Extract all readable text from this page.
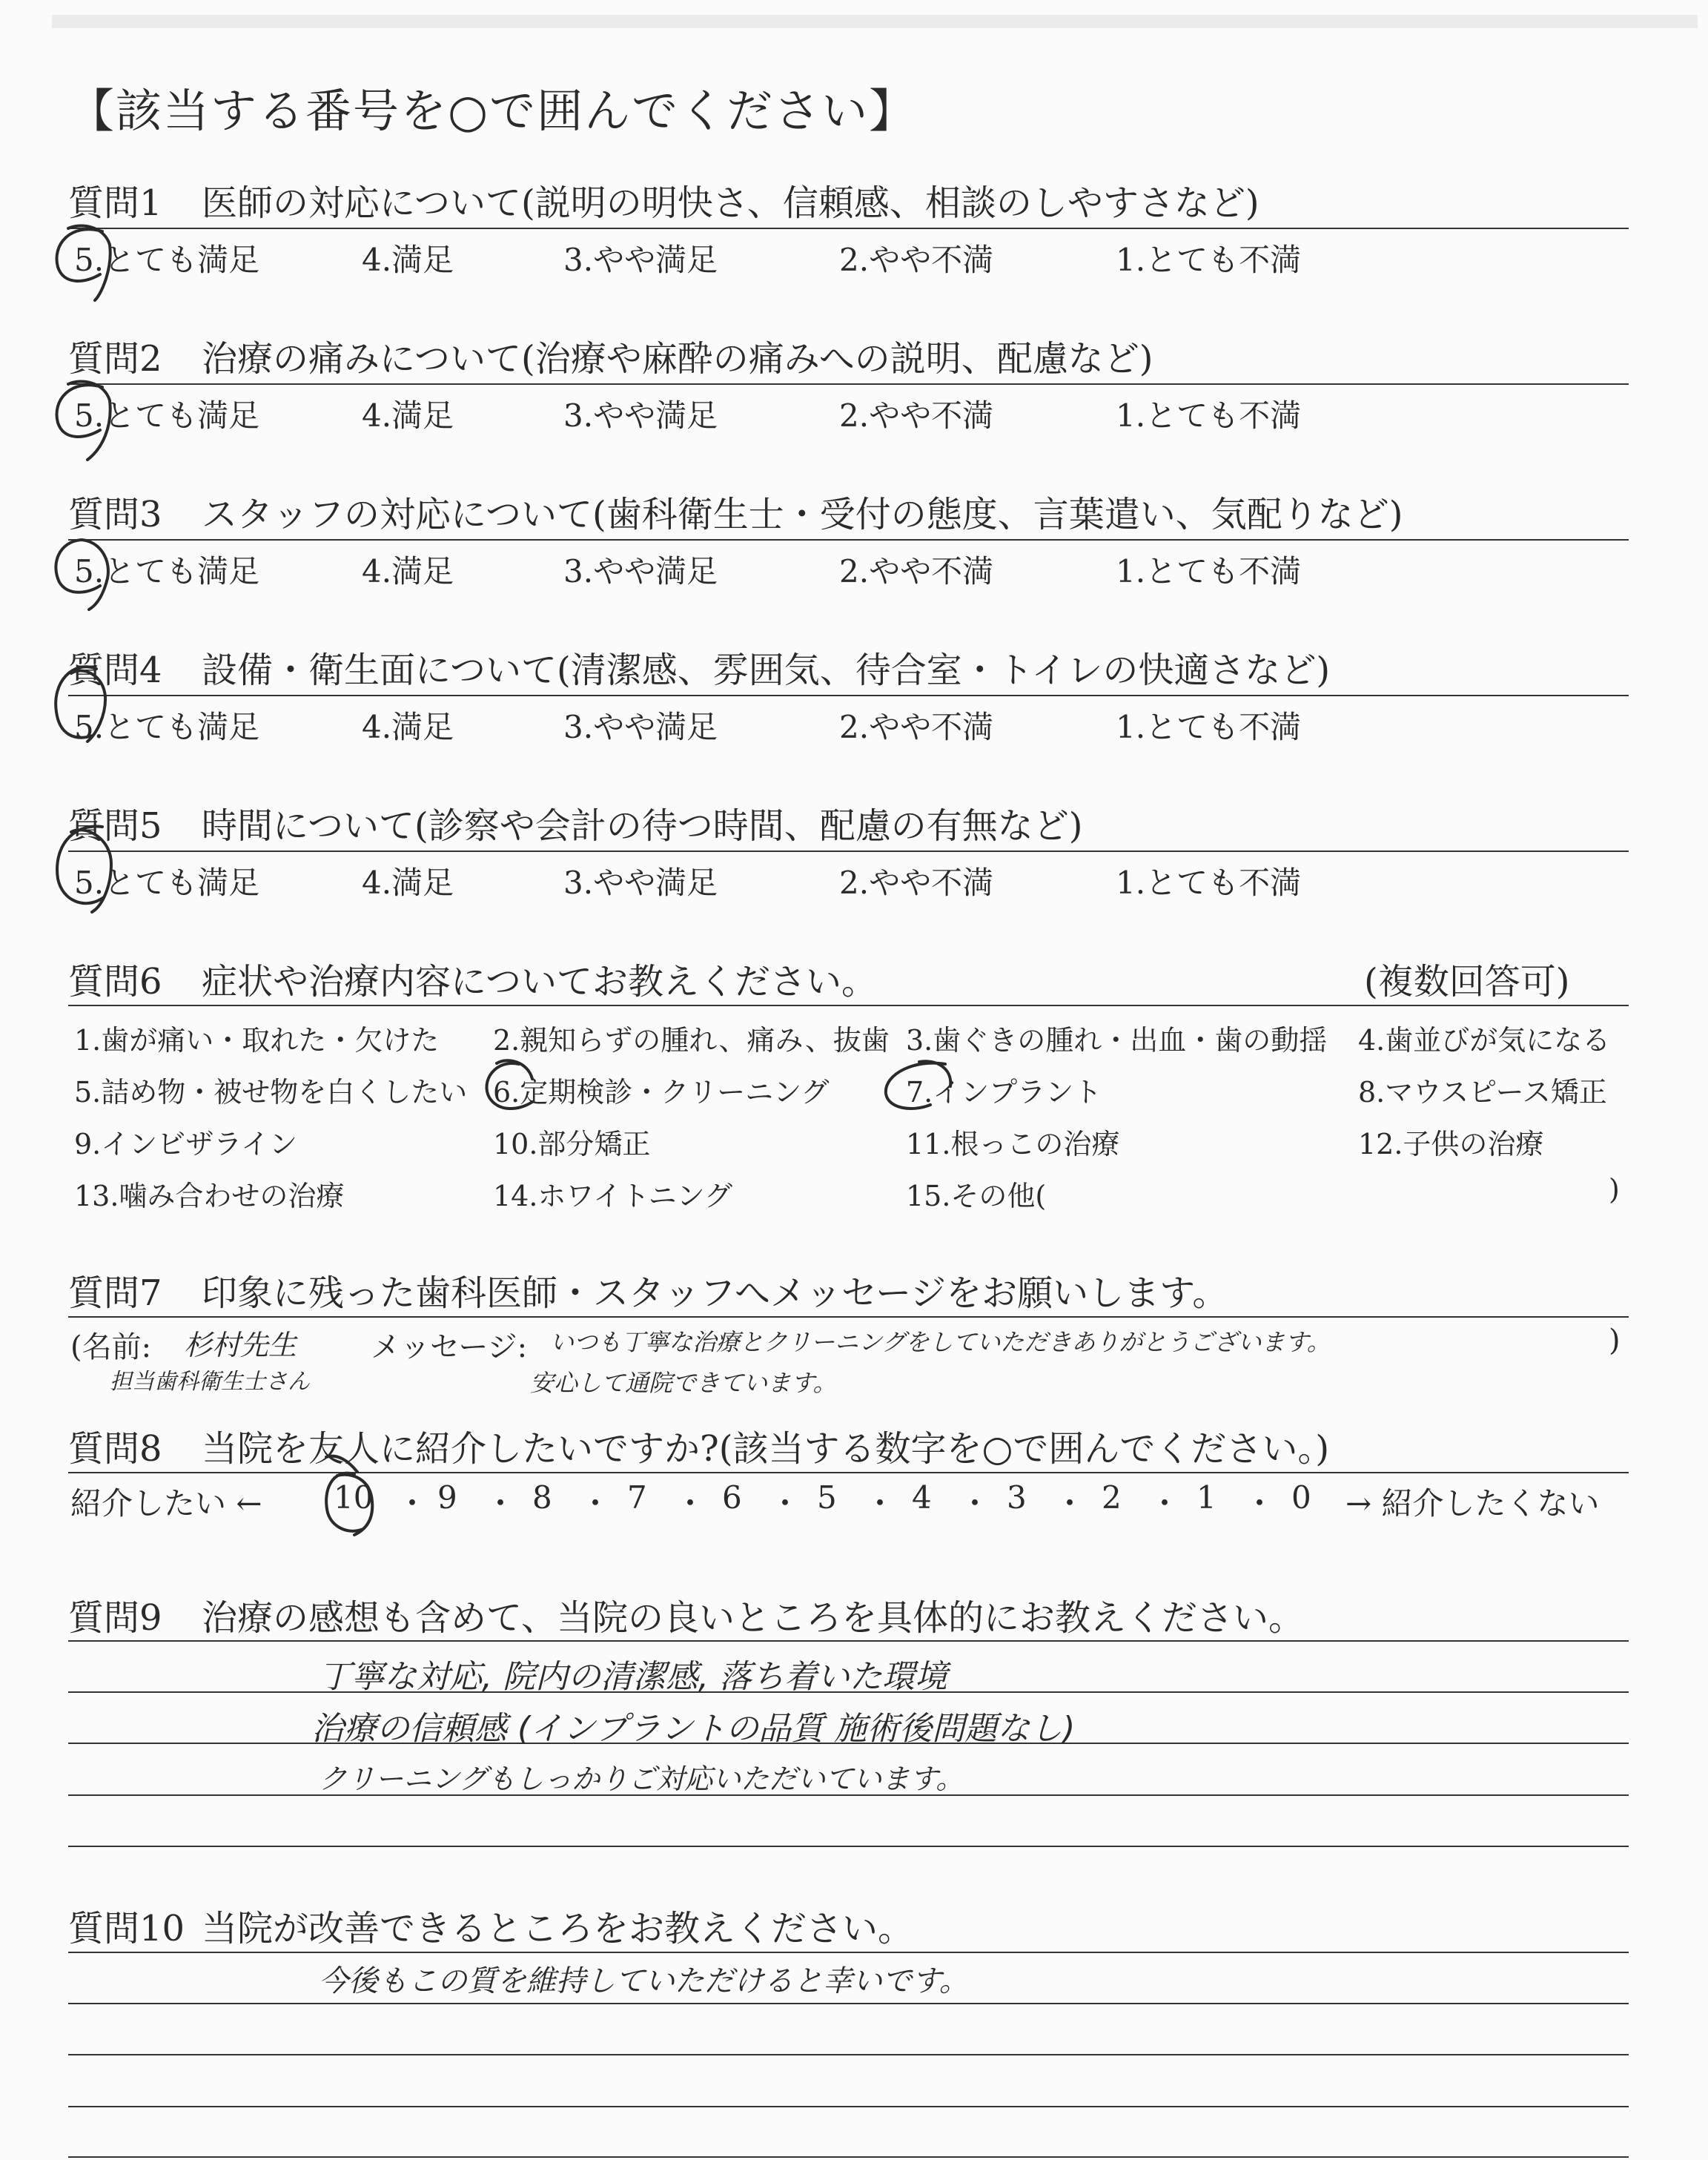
【該当する番号を○で囲んでください】
質問1 医師の対応について(説明の明快さ、信頼感、相談のしやすさなど)
5.とても満足	4.満足	3.やや満足	2.やや不満	1.とても不満
質問2 治療の痛みについて(治療や麻酔の痛みへの説明、配慮など)
5.とても満足	4.満足	3.やや満足	2.やや不満	1.とても不満
質問3 スタッフの対応について(歯科衛生士・受付の態度、言葉遣い、気配りなど)
5.とても満足	4.満足	3.やや満足	2.やや不満	1.とても不満
質問4 設備・衛生面について(清潔感、雰囲気、待合室・トイレの快適さなど)
5.とても満足	4.満足	3.やや満足	2.やや不満	1.とても不満
質問5 時間について(診察や会計の待つ時間、配慮の有無など)
5.とても満足	4.満足	3.やや満足	2.やや不満	1.とても不満
質問6 症状や治療内容についてお教えください。	(複数回答可)
1.歯が痛い・取れた・欠けた 2.親知らずの腫れ、痛み、抜歯 3.歯ぐきの腫れ・出血・歯の動揺 4.歯並びが気になる
5.詰め物・被せ物を白くしたい 6.定期検診・クリーニング	7.インプラント	8.マウスピース矯正
9.インビザライン	10.部分矯正	11.根っこの治療	12.子供の治療
13.噛み合わせの治療	14.ホワイトニング	15.その他(	)
質問7 印象に残った歯科医師・スタッフへメッセージをお願いします。
(名前: 杉村先生
担当歯科衛生士さん
メッセージ: いつも丁寧な治療とクリーニングをしていただきありがとうございます。
安心して通院できています。
)
質問8 当院を友人に紹介したいですか?(該当する数字を○で囲んでください。)
紹介したい ← 10 ・ 9 ・ 8 ・ 7 ・ 6 ・ 5 ・ 4 ・ 3 ・ 2 ・ 1 ・ 0 → 紹介したくない
質問9 治療の感想も含めて、当院の良いところを具体的にお教えください。
丁寧な対応, 院内の清潔感, 落ち着いた環境
治療の信頼感 (インプラントの品質 施術後問題なし)
クリーニングもしっかりご対応いただいています。
質問10 当院が改善できるところをお教えください。
今後もこの質を維持していただけると幸いです。
